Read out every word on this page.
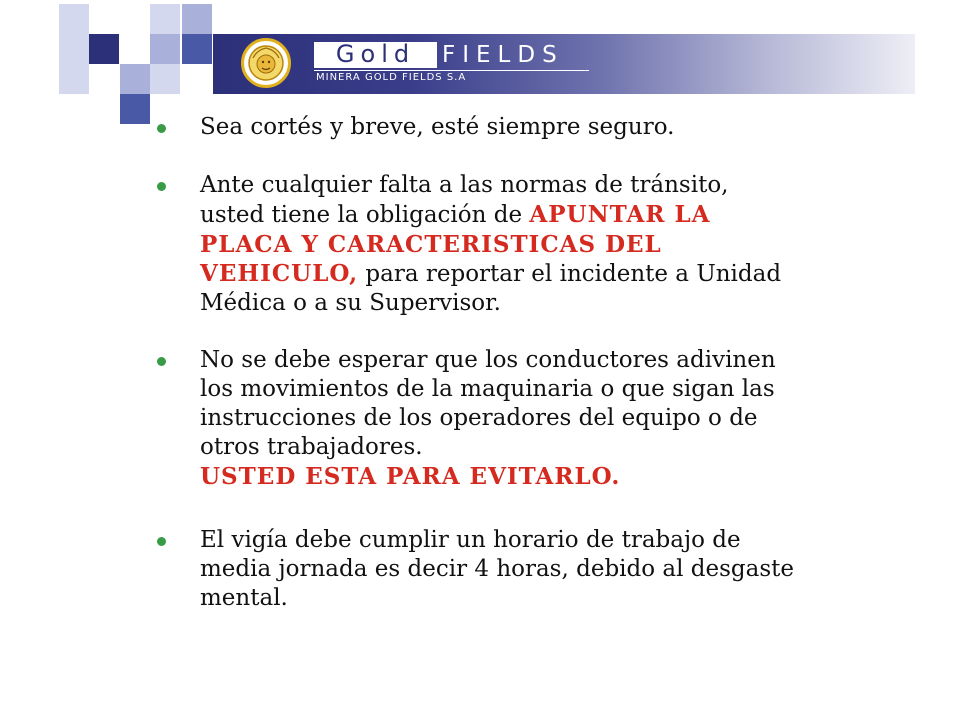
Gold FIELDS
MINERA GOLD FIELDS S.A
Sea cortés y breve, esté siempre seguro.
Ante cualquier falta a las normas de tránsito,
usted tiene la obligación de APUNTAR LA
PLACA Y CARACTERISTICAS DEL
VEHICULO, para reportar el incidente a Unidad
Médica o a su Supervisor.
No se debe esperar que los conductores adivinen
los movimientos de la maquinaria o que sigan las
instrucciones de los operadores del equipo o de
otros trabajadores.
USTED ESTA PARA EVITARLO.
El vigía debe cumplir un horario de trabajo de
media jornada es decir 4 horas, debido al desgaste
mental.
